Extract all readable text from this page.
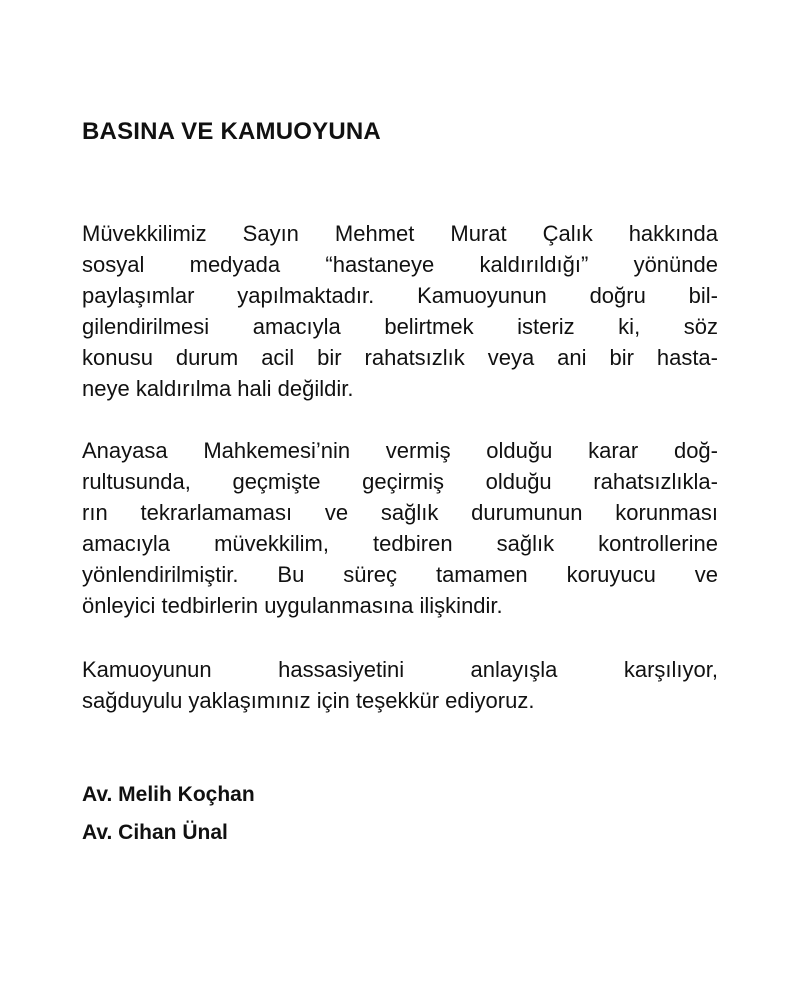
BASINA VE KAMUOYUNA
Müvekkilimiz Sayın Mehmet Murat Çalık hakkında
sosyal medyada “hastaneye kaldırıldığı” yönünde
paylaşımlar yapılmaktadır. Kamuoyunun doğru bil-
gilendirilmesi amacıyla belirtmek isteriz ki, söz
konusu durum acil bir rahatsızlık veya ani bir hasta-
neye kaldırılma hali değildir.
Anayasa Mahkemesi’nin vermiş olduğu karar doğ-
rultusunda, geçmişte geçirmiş olduğu rahatsızlıkla-
rın tekrarlamaması ve sağlık durumunun korunması
amacıyla müvekkilim, tedbiren sağlık kontrollerine
yönlendirilmiştir. Bu süreç tamamen koruyucu ve
önleyici tedbirlerin uygulanmasına ilişkindir.
Kamuoyunun hassasiyetini anlayışla karşılıyor,
sağduyulu yaklaşımınız için teşekkür ediyoruz.
Av. Melih Koçhan
Av. Cihan Ünal
